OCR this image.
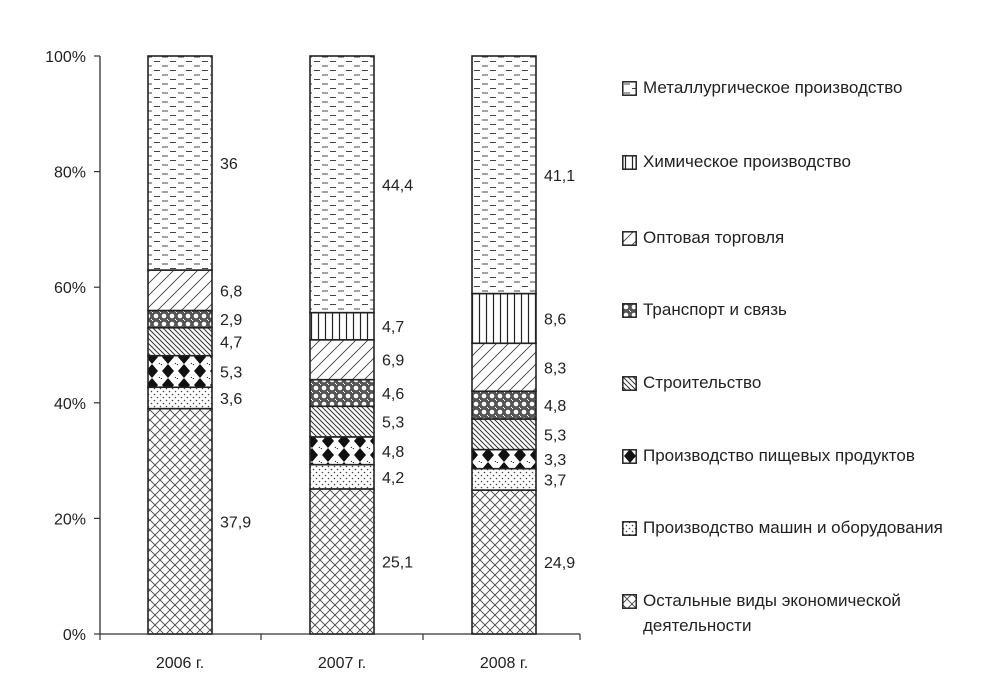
0%
20%
40%
60%
80%
100%
2006 г.	2007 г.	2008 г.
37,9
3,6
5,3
4,7
2,9
6,8
36
25,1
4,2
4,8
5,3
4,6
6,9
4,7
44,4
24,9
3,7
3,3
5,3
4,8
8,3
8,6
41,1
Металлургическое производство
Химическое производство
Оптовая торговля
Транспорт и связь
Строительство
Производство пищевых продуктов
Производство машин и оборудования
Остальные виды экономической деятельности
